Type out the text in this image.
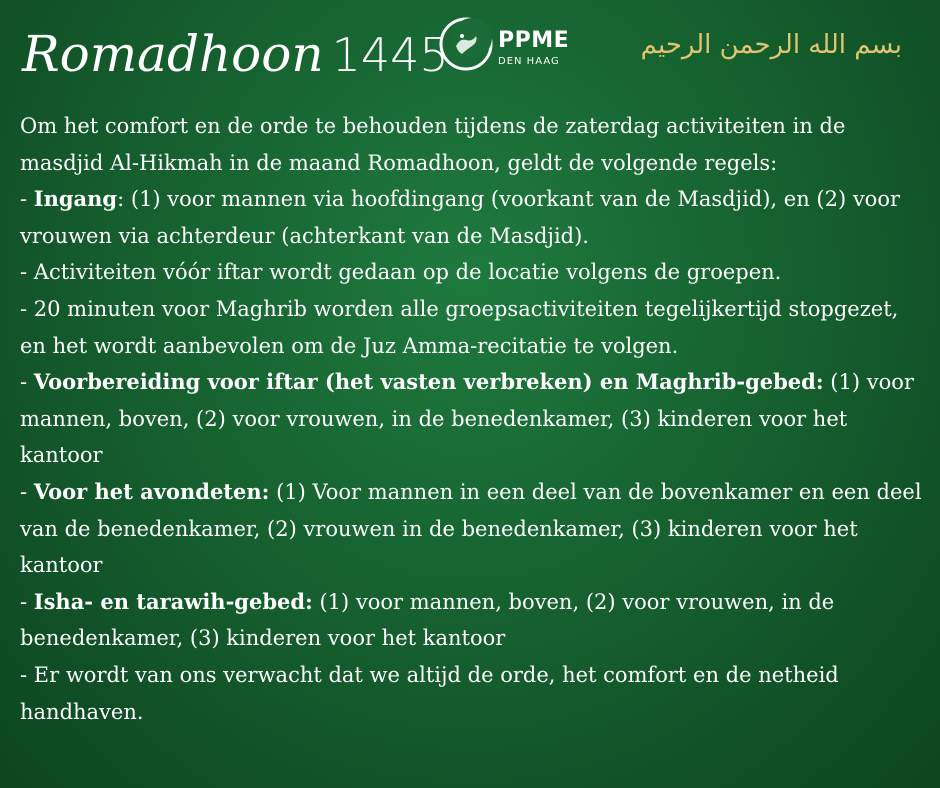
Romadhoon 1445 PPME
DEN HAAG
بسم الله الرحمن الرحيم

Om het comfort en de orde te behouden tijdens de zaterdag activiteiten in de masdjid Al-Hikmah in de maand Romadhoon, geldt de volgende regels:

- Ingang: (1) voor mannen via hoofdingang (voorkant van de Masdjid), en (2) voor vrouwen via achterdeur (achterkant van de Masdjid).

- Activiteiten vóór iftar wordt gedaan op de locatie volgens de groepen.

- 20 minuten voor Maghrib worden alle groepsactiviteiten tegelijkertijd stopgezet, en het wordt aanbevolen om de Juz Amma-recitatie te volgen.

- Voorbereiding voor iftar (het vasten verbreken) en Maghrib-gebed: (1) voor mannen, boven, (2) voor vrouwen, in de benedenkamer, (3) kinderen voor het kantoor

- Voor het avondeten: (1) Voor mannen in een deel van de bovenkamer en een deel van de benedenkamer, (2) vrouwen in de benedenkamer, (3) kinderen voor het kantoor

- Isha- en tarawih-gebed: (1) voor mannen, boven, (2) voor vrouwen, in de benedenkamer, (3) kinderen voor het kantoor

- Er wordt van ons verwacht dat we altijd de orde, het comfort en de netheid handhaven.
